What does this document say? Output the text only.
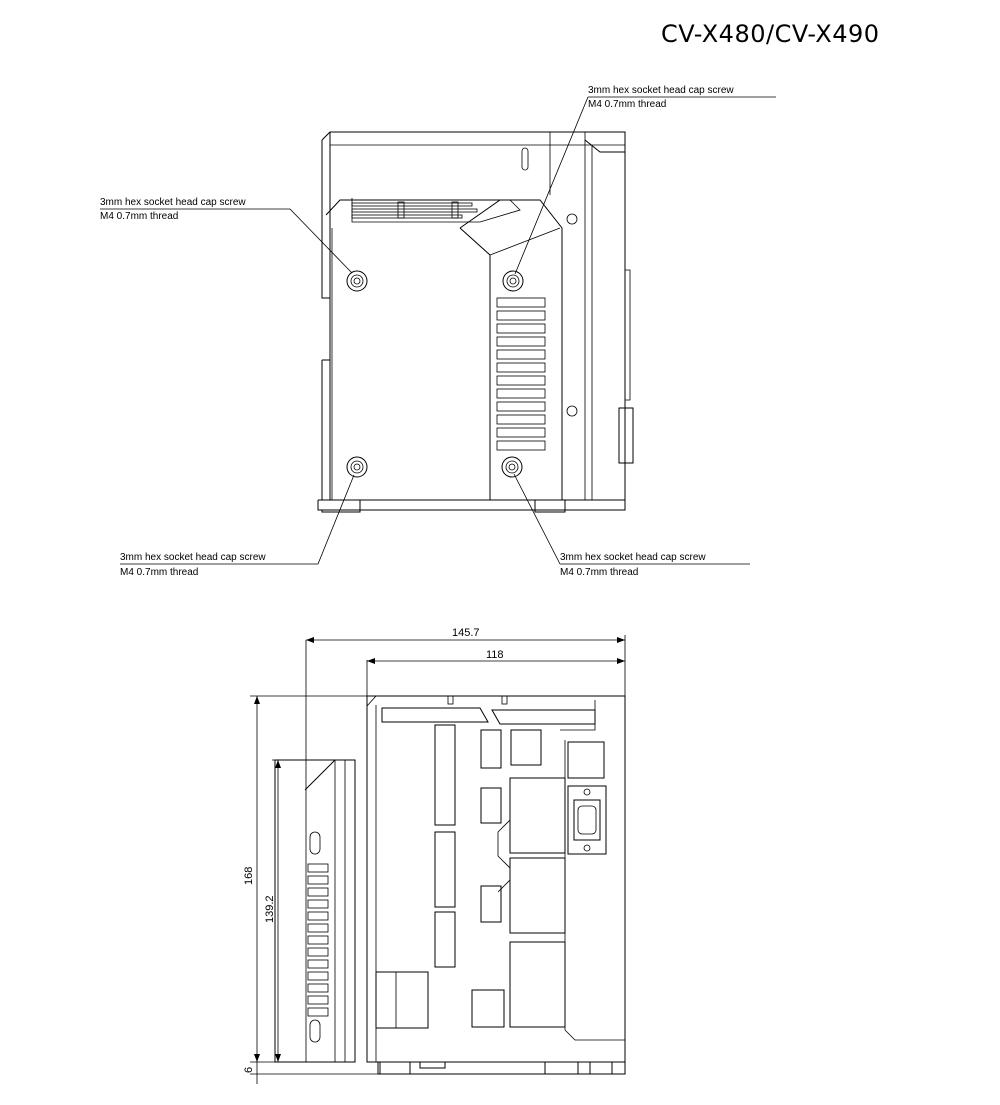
CV-X480/CV-X490
3mm hex socket head cap screw
M4 0.7mm thread
3mm hex socket head cap screw
M4 0.7mm thread
3mm hex socket head cap screw
M4 0.7mm thread
3mm hex socket head cap screw
M4 0.7mm thread
145.7
118
168
139.2
6
